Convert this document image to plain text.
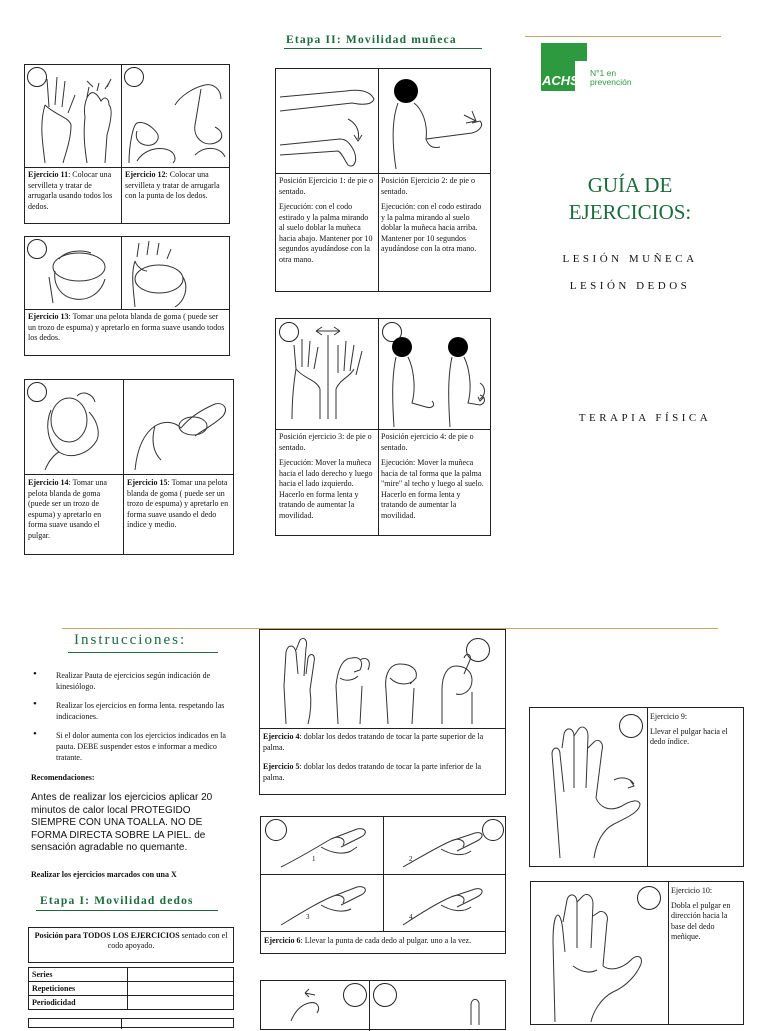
Etapa II: Movilidad muñeca
Ejercicio 11: Colocar una servilleta y tratar de arrugarla usando todos los dedos.
Ejercicio 12: Colocar una servilleta y tratar de arrugarla con la punta de los dedos.
Ejercicio 13: Tomar una pelota blanda de goma ( puede ser un trozo de espuma) y apretarlo en forma suave usando todos los dedos.
Ejercicio 14: Tomar una pelota blanda de goma (puede ser un trozo de espuma) y apretarlo en forma suave usando el pulgar.
Ejercicio 15: Tomar una pelota blanda de goma ( puede ser un trozo de espuma) y apretarlo en forma suave usando el dedo índice y medio.
Posición Ejercicio 1: de pie o sentado.
Ejecución: con el codo estirado y la palma mirando al suelo doblar la muñeca hacia abajo. Mantener por 10 segundos ayudándose con la otra mano.
Posición Ejercicio 2: de pie o sentado.
Ejecución: con el codo estirado y la palma mirando al suelo doblar la muñeca hacia arriba. Mantener por 10 segundos ayudándose con la otra mano.
Posición ejercicio 3: de pie o sentado.
Ejecución: Mover la muñeca hacia el lado derecho y luego hacia el lado izquierdo. Hacerlo en forma lenta y tratando de aumentar la movilidad.
Posición ejercicio 4: de pie o sentado.
Ejecución: Mover la muñeca hacia de tal forma que la palma "mire" al techo y luego al suelo. Hacerlo en forma lenta y tratando de aumentar la movilidad.
ACHS N°1 en
prevención
GUÍA DE
EJERCICIOS:
LESIÓN MUÑECA
LESIÓN DEDOS
TERAPIA FÍSICA
Instrucciones:
• Realizar Pauta de ejercicios según indicación de kinesiólogo.
• Realizar los ejercicios en forma lenta. respetando las indicaciones.
• Si el dolor aumenta con los ejercicios indicados en la pauta. DEBE suspender estos e informar a medico tratante.
Recomendaciones:
Antes de realizar los ejercicios aplicar 20 minutos de calor local PROTEGIDO SIEMPRE CON UNA TOALLA. NO DE FORMA DIRECTA SOBRE LA PIEL. de sensación agradable no quemante.
Realizar los ejercicios marcados con una X
Etapa I: Movilidad dedos
Posición para TODOS LOS EJERCICIOS sentado con el codo apoyado.
Series	
Repeticiones	
Periodicidad	
Ejercicio 4: doblar los dedos tratando de tocar la parte superior de la palma.
Ejercicio 5: doblar los dedos tratando de tocar la parte inferior de la palma.
1	2
3	4
Ejercicio 6: Llevar la punta de cada dedo al pulgar. uno a la vez.
Ejercicio 9:
Llevar el pulgar hacia el dedo índice.
Ejercicio 10:
Dobla el pulgar en dirección hacia la base del dedo meñique.
